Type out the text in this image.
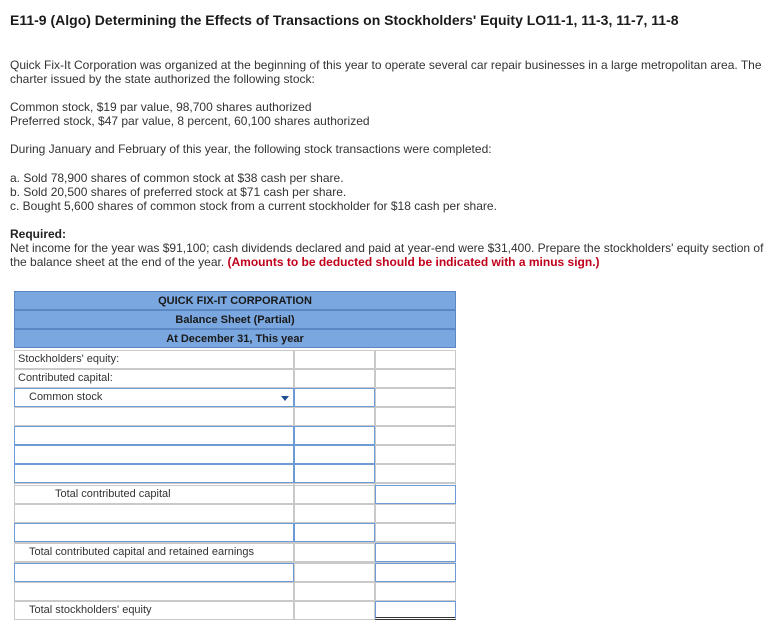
E11-9 (Algo) Determining the Effects of Transactions on Stockholders' Equity LO11-1, 11-3, 11-7, 11-8
Quick Fix-It Corporation was organized at the beginning of this year to operate several car repair businesses in a large metropolitan area. The charter issued by the state authorized the following stock:
Common stock, $19 par value, 98,700 shares authorized
Preferred stock, $47 par value, 8 percent, 60,100 shares authorized
During January and February of this year, the following stock transactions were completed:
a. Sold 78,900 shares of common stock at $38 cash per share.
b. Sold 20,500 shares of preferred stock at $71 cash per share.
c. Bought 5,600 shares of common stock from a current stockholder for $18 cash per share.
Required:
Net income for the year was $91,100; cash dividends declared and paid at year-end were $31,400. Prepare the stockholders' equity section of the balance sheet at the end of the year. (Amounts to be deducted should be indicated with a minus sign.)
QUICK FIX-IT CORPORATION
Balance Sheet (Partial)
At December 31, This year
Stockholders' equity:
Contributed capital:
Common stock
Total contributed capital
Total contributed capital and retained earnings
Total stockholders' equity
